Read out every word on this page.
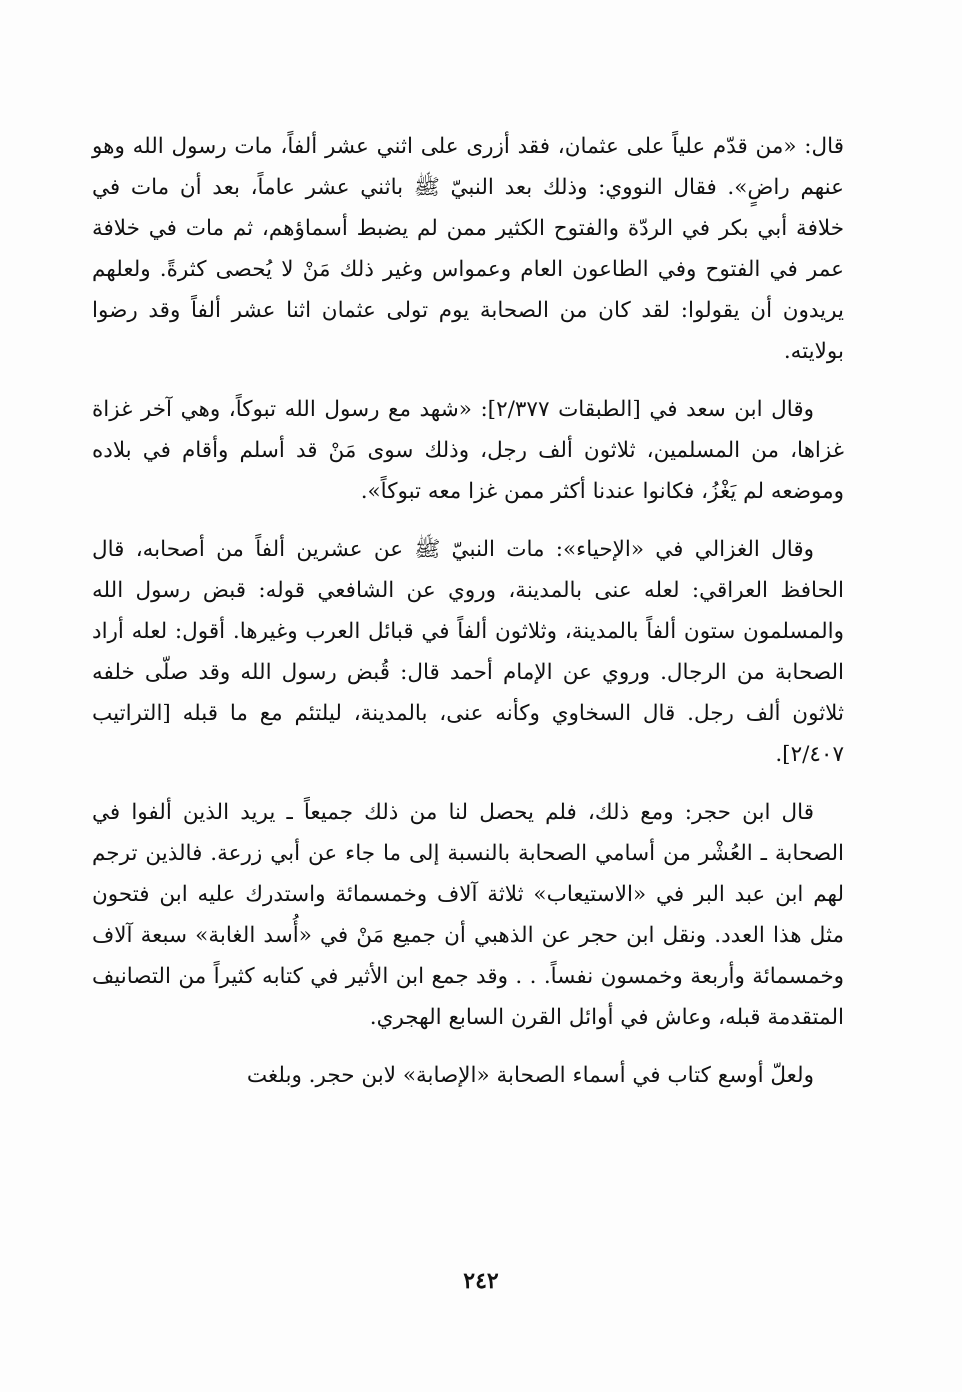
قال: «من قدّم علياً على عثمان، فقد أزرى على اثني عشر ألفاً، مات رسول الله وهو عنهم راضٍ». فقال النووي: وذلك بعد النبيّ ﷺ باثني عشر عاماً، بعد أن مات في خلافة أبي بكر في الردّة والفتوح الكثير ممن لم يضبط أسماؤهم، ثم مات في خلافة عمر في الفتوح وفي الطاعون العام وعمواس وغير ذلك مَنْ لا يُحصى كثرةً. ولعلهم يريدون أن يقولوا: لقد كان من الصحابة يوم تولى عثمان اثنا عشر ألفاً وقد رضوا بولايته.

وقال ابن سعد في [الطبقات ٢/٣٧٧]: «شهد مع رسول الله تبوكاً، وهي آخر غزاة غزاها، من المسلمين، ثلاثون ألف رجل، وذلك سوى مَنْ قد أسلم وأقام في بلاده وموضعه لم يَغْزُ، فكانوا عندنا أكثر ممن غزا معه تبوكاً».

وقال الغزالي في «الإحياء»: مات النبيّ ﷺ عن عشرين ألفاً من أصحابه، قال الحافظ العراقي: لعله عنى بالمدينة، وروي عن الشافعي قوله: قبض رسول الله والمسلمون ستون ألفاً بالمدينة، وثلاثون ألفاً في قبائل العرب وغيرها. أقول: لعله أراد الصحابة من الرجال. وروي عن الإمام أحمد قال: قُبض رسول الله وقد صلّى خلفه ثلاثون ألف رجل. قال السخاوي وكأنه عنى، بالمدينة، ليلتئم مع ما قبله [التراتيب ٢/٤٠٧].

قال ابن حجر: ومع ذلك، فلم يحصل لنا من ذلك جميعاً ـ يريد الذين ألفوا في الصحابة ـ العُشْر من أسامي الصحابة بالنسبة إلى ما جاء عن أبي زرعة. فالذين ترجم لهم ابن عبد البر في «الاستيعاب» ثلاثة آلاف وخمسمائة واستدرك عليه ابن فتحون مثل هذا العدد. ونقل ابن حجر عن الذهبي أن جميع مَنْ في «أُسد الغابة» سبعة آلاف وخمسمائة وأربعة وخمسون نفساً. . . وقد جمع ابن الأثير في كتابه كثيراً من التصانيف المتقدمة قبله، وعاش في أوائل القرن السابع الهجري.

ولعلّ أوسع كتاب في أسماء الصحابة «الإصابة» لابن حجر. وبلغت

٢٤٢
